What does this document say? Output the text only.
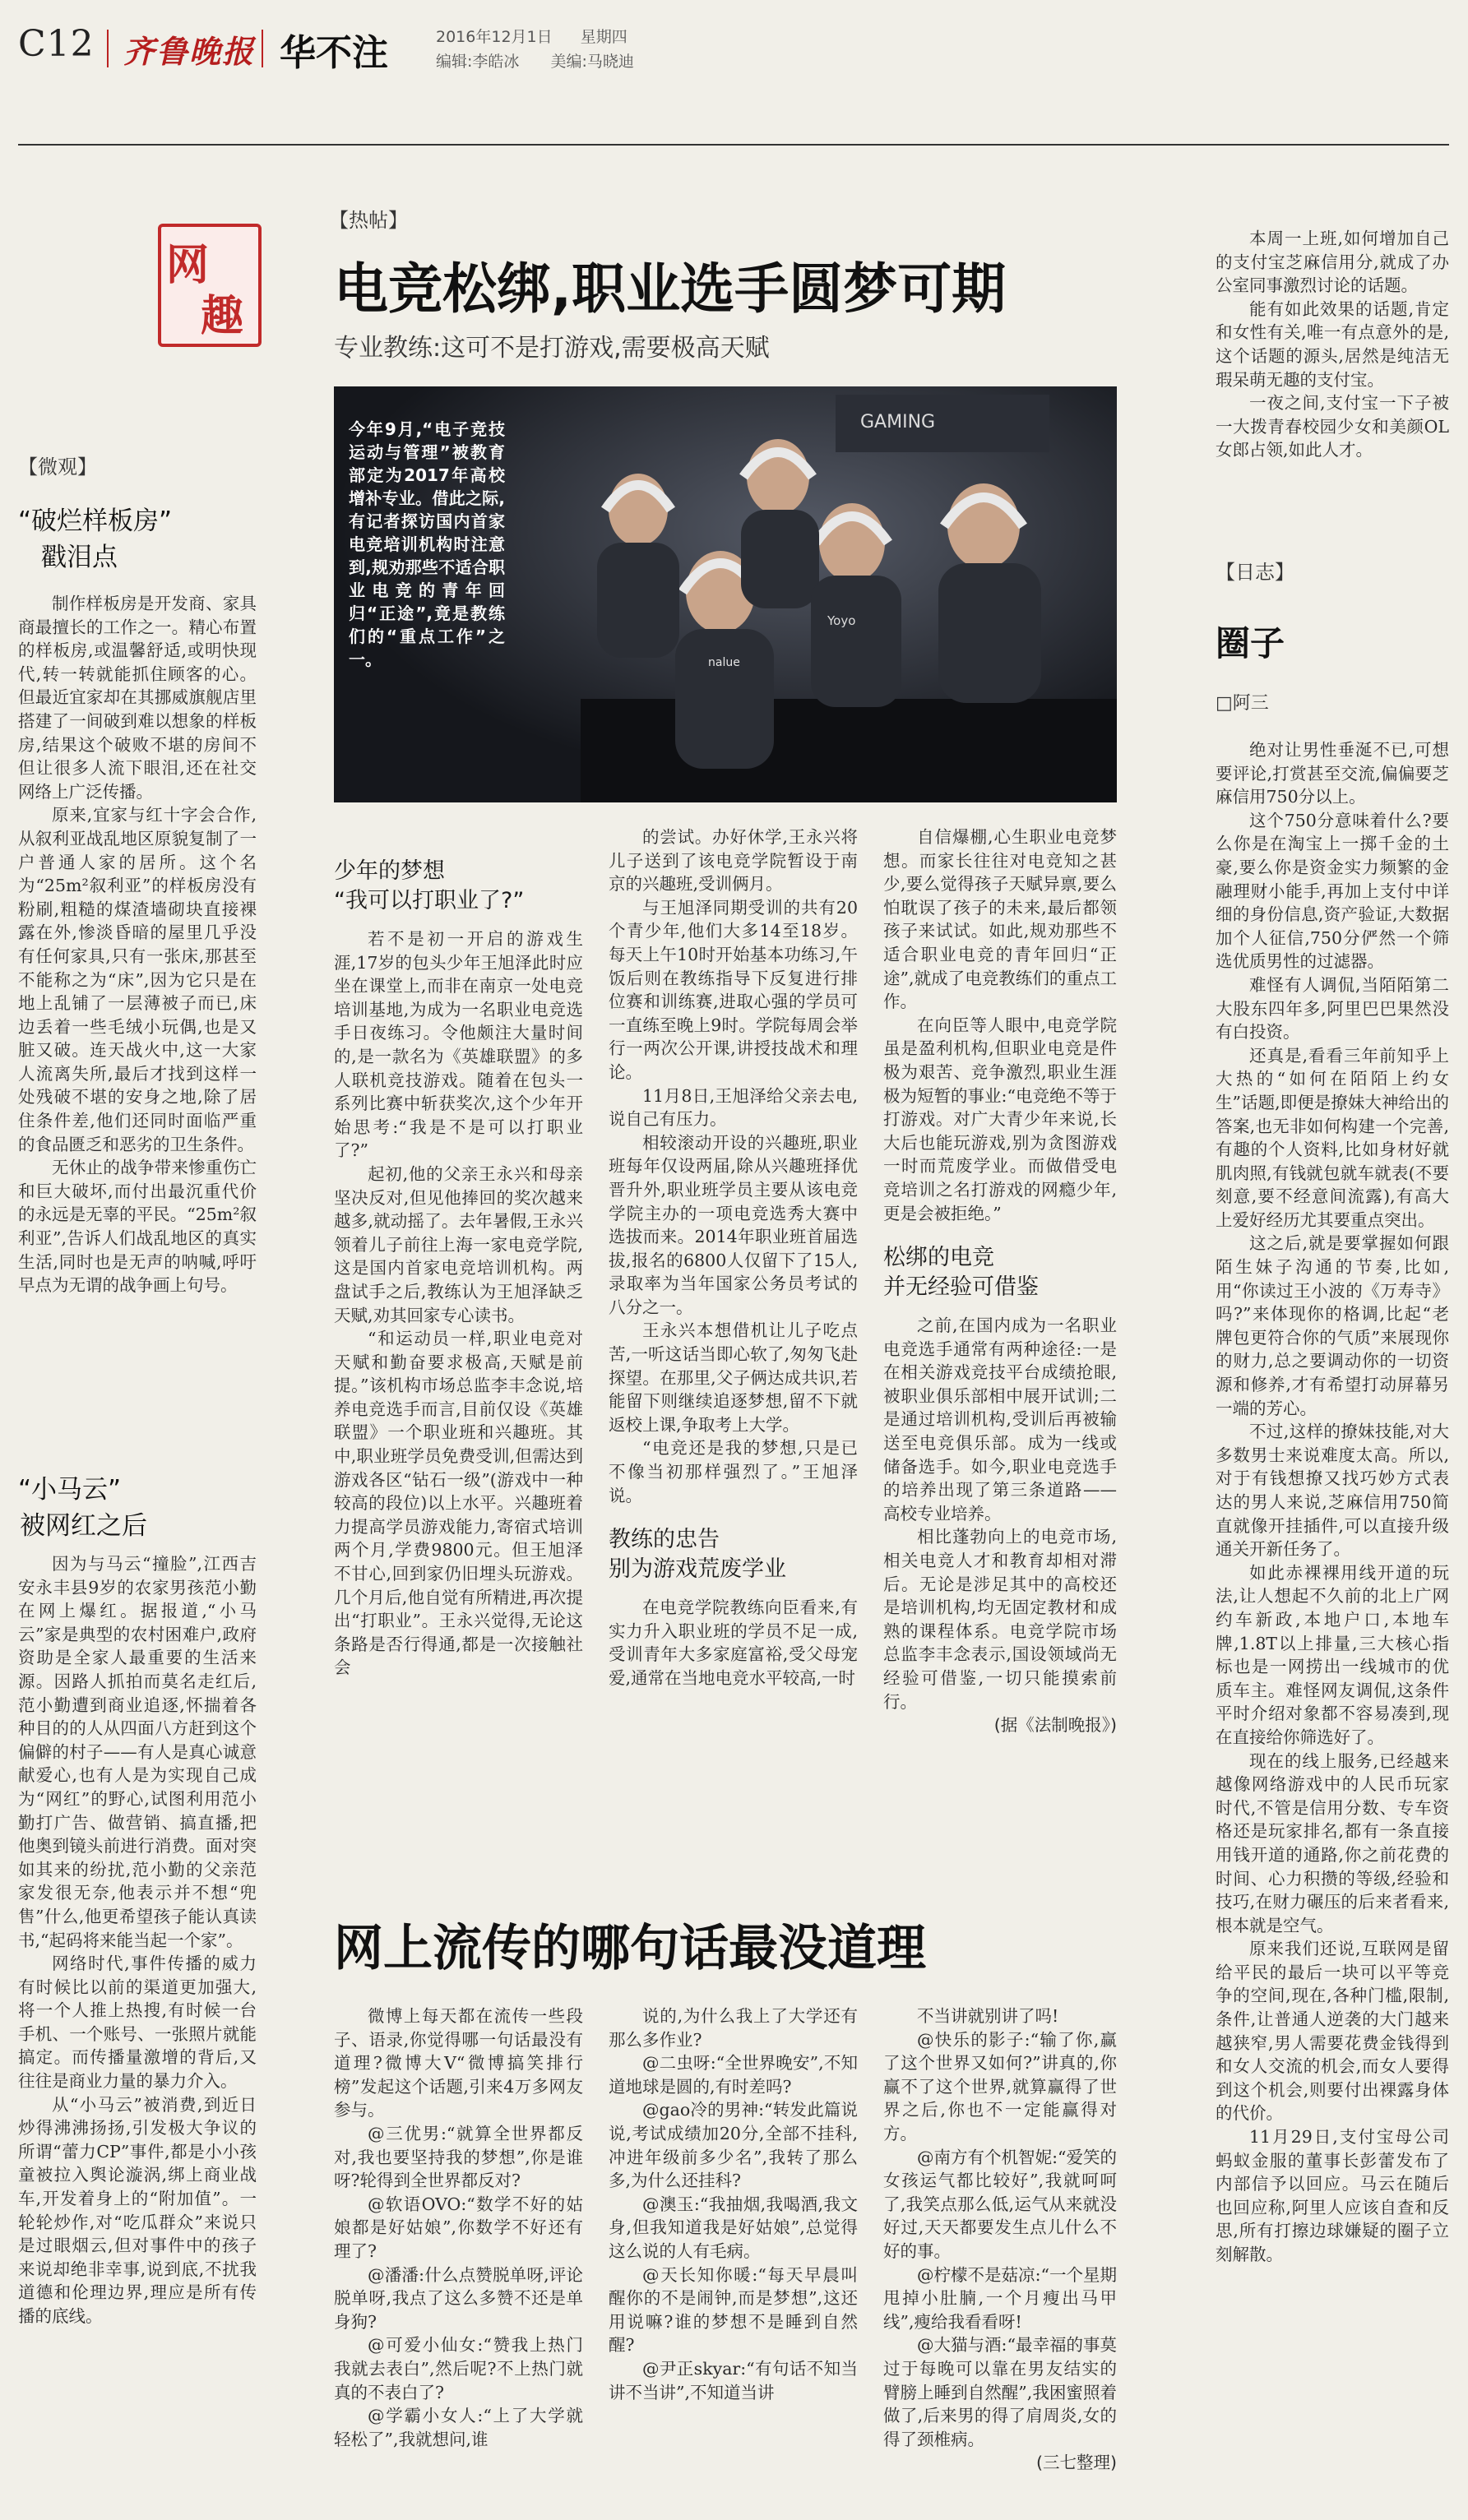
C12 齐鲁晚报 华不注	2016年12月1日 星期四
编辑:李皓冰 美编:马晓迪
网
趣
【热帖】
电竞松绑,职业选手圆梦可期
专业教练:这可不是打游戏,需要极高天赋
GAMING
Yoyo
nalue
今年9月,“电子竞技运动与管理”被教育部定为2017年高校增补专业。借此之际,有记者探访国内首家电竞培训机构时注意到,规劝那些不适合职业电竞的青年回归“正途”,竟是教练们的“重点工作”之一。
少年的梦想
“我可以打职业了?”

若不是初一开启的游戏生涯,17岁的包头少年王旭泽此时应坐在课堂上,而非在南京一处电竞培训基地,为成为一名职业电竞选手日夜练习。令他颇注大量时间的,是一款名为《英雄联盟》的多人联机竞技游戏。随着在包头一系列比赛中斩获奖次,这个少年开始思考:“我是不是可以打职业了?”

起初,他的父亲王永兴和母亲坚决反对,但见他捧回的奖次越来越多,就动摇了。去年暑假,王永兴领着儿子前往上海一家电竞学院,这是国内首家电竞培训机构。两盘试手之后,教练认为王旭泽缺乏天赋,劝其回家专心读书。

“和运动员一样,职业电竞对天赋和勤奋要求极高,天赋是前提。”该机构市场总监李丰念说,培养电竞选手而言,目前仅设《英雄联盟》一个职业班和兴趣班。其中,职业班学员免费受训,但需达到游戏各区“钻石一级”(游戏中一种较高的段位)以上水平。兴趣班着力提高学员游戏能力,寄宿式培训两个月,学费9800元。但王旭泽不甘心,回到家仍旧埋头玩游戏。几个月后,他自觉有所精进,再次提出“打职业”。王永兴觉得,无论这条路是否行得通,都是一次接触社会

的尝试。办好休学,王永兴将儿子送到了该电竞学院暂设于南京的兴趣班,受训俩月。

与王旭泽同期受训的共有20个青少年,他们大多14至18岁。每天上午10时开始基本功练习,午饭后则在教练指导下反复进行排位赛和训练赛,进取心强的学员可一直练至晚上9时。学院每周会举行一两次公开课,讲授技战术和理论。

11月8日,王旭泽给父亲去电,说自己有压力。

相较滚动开设的兴趣班,职业班每年仅设两届,除从兴趣班择优晋升外,职业班学员主要从该电竞学院主办的一项电竞选秀大赛中选拔而来。2014年职业班首届选拔,报名的6800人仅留下了15人,录取率为当年国家公务员考试的八分之一。

王永兴本想借机让儿子吃点苦,一听这话当即心软了,匆匆飞赴探望。在那里,父子俩达成共识,若能留下则继续追逐梦想,留不下就返校上课,争取考上大学。

“电竞还是我的梦想,只是已不像当初那样强烈了。”王旭泽说。

教练的忠告
别为游戏荒废学业

在电竞学院教练向臣看来,有实力升入职业班的学员不足一成,受训青年大多家庭富裕,受父母宠爱,通常在当地电竞水平较高,一时

自信爆棚,心生职业电竞梦想。而家长往往对电竞知之甚少,要么觉得孩子天赋异禀,要么怕耽误了孩子的未来,最后都领孩子来试试。如此,规劝那些不适合职业电竞的青年回归“正途”,就成了电竞教练们的重点工作。

在向臣等人眼中,电竞学院虽是盈利机构,但职业电竞是件极为艰苦、竞争激烈,职业生涯极为短暂的事业:“电竞绝不等于打游戏。对广大青少年来说,长大后也能玩游戏,别为贪图游戏一时而荒废学业。而做借受电竞培训之名打游戏的网瘾少年,更是会被拒绝。”

松绑的电竞
并无经验可借鉴

之前,在国内成为一名职业电竞选手通常有两种途径:一是在相关游戏竞技平台成绩抢眼,被职业俱乐部相中展开试训;二是通过培训机构,受训后再被输送至电竞俱乐部。成为一线或储备选手。如今,职业电竞选手的培养出现了第三条道路——高校专业培养。

相比蓬勃向上的电竞市场,相关电竞人才和教育却相对滞后。无论是涉足其中的高校还是培训机构,均无固定教材和成熟的课程体系。电竞学院市场总监李丰念表示,国设领域尚无经验可借鉴,一切只能摸索前行。

(据《法制晚报》)

【微观】
“破烂样板房”
戳泪点

制作样板房是开发商、家具商最擅长的工作之一。精心布置的样板房,或温馨舒适,或明快现代,转一转就能抓住顾客的心。但最近宜家却在其挪威旗舰店里搭建了一间破到难以想象的样板房,结果这个破败不堪的房间不但让很多人流下眼泪,还在社交网络上广泛传播。

原来,宜家与红十字会合作,从叙利亚战乱地区原貌复制了一户普通人家的居所。这个名为“25m²叙利亚”的样板房没有粉刷,粗糙的煤渣墙砌块直接裸露在外,惨淡昏暗的屋里几乎没有任何家具,只有一张床,那甚至不能称之为“床”,因为它只是在地上乱铺了一层薄被子而已,床边丢着一些毛绒小玩偶,也是又脏又破。连天战火中,这一大家人流离失所,最后才找到这样一处残破不堪的安身之地,除了居住条件差,他们还同时面临严重的食品匮乏和恶劣的卫生条件。

无休止的战争带来惨重伤亡和巨大破坏,而付出最沉重代价的永远是无辜的平民。“25m²叙利亚”,告诉人们战乱地区的真实生活,同时也是无声的呐喊,呼吁早点为无谓的战争画上句号。

“小马云”
被网红之后

因为与马云“撞脸”,江西吉安永丰县9岁的农家男孩范小勤在网上爆红。据报道,“小马云”家是典型的农村困难户,政府资助是全家人最重要的生活来源。因路人抓拍而莫名走红后,范小勤遭到商业追逐,怀揣着各种目的的人从四面八方赶到这个偏僻的村子——有人是真心诚意献爱心,也有人是为实现自己成为“网红”的野心,试图利用范小勤打广告、做营销、搞直播,把他奥到镜头前进行消费。面对突如其来的纷扰,范小勤的父亲范家发很无奈,他表示并不想“兜售”什么,他更希望孩子能认真读书,“起码将来能当起一个家”。

网络时代,事件传播的威力有时候比以前的渠道更加强大,将一个人推上热搜,有时候一台手机、一个账号、一张照片就能搞定。而传播量激增的背后,又往往是商业力量的暴力介入。

从“小马云”被消费,到近日炒得沸沸扬扬,引发极大争议的所谓“蕾力CP”事件,都是小小孩童被拉入舆论漩涡,绑上商业战车,开发着身上的“附加值”。一轮轮炒作,对“吃瓜群众”来说只是过眼烟云,但对事件中的孩子来说却绝非幸事,说到底,不扰我道德和伦理边界,理应是所有传播的底线。

本周一上班,如何增加自己的支付宝芝麻信用分,就成了办公室同事激烈讨论的话题。

能有如此效果的话题,肯定和女性有关,唯一有点意外的是,这个话题的源头,居然是纯洁无瑕呆萌无趣的支付宝。

一夜之间,支付宝一下子被一大拨青春校园少女和美颜OL女郎占领,如此人才。

【日志】
圈子
□阿三

绝对让男性垂涎不已,可想要评论,打赏甚至交流,偏偏要芝麻信用750分以上。

这个750分意味着什么?要么你是在淘宝上一掷千金的土豪,要么你是资金实力频繁的金融理财小能手,再加上支付中详细的身份信息,资产验证,大数据加个人征信,750分俨然一个筛选优质男性的过滤器。

难怪有人调侃,当陌陌第二大股东四年多,阿里巴巴果然没有白投资。

还真是,看看三年前知乎上大热的“如何在陌陌上约女生”话题,即便是撩妹大神给出的答案,也无非如何构建一个完善,有趣的个人资料,比如身材好就肌肉照,有钱就包就车就表(不要刻意,要不经意间流露),有高大上爱好经历尤其要重点突出。

这之后,就是要掌握如何跟陌生妹子沟通的节奏,比如,用“你读过王小波的《万寿寺》吗?”来体现你的格调,比起“老牌包更符合你的气质”来展现你的财力,总之要调动你的一切资源和修养,才有希望打动屏幕另一端的芳心。

不过,这样的撩妹技能,对大多数男士来说难度太高。所以,对于有钱想撩又找巧妙方式表达的男人来说,芝麻信用750简直就像开挂插件,可以直接升级通关开新任务了。

如此赤裸裸用线开道的玩法,让人想起不久前的北上广网约车新政,本地户口,本地车牌,1.8T以上排量,三大核心指标也是一网捞出一线城市的优质车主。难怪网友调侃,这条件平时介绍对象都不容易凑到,现在直接给你筛选好了。

现在的线上服务,已经越来越像网络游戏中的人民币玩家时代,不管是信用分数、专车资格还是玩家排名,都有一条直接用钱开道的通路,你之前花费的时间、心力积攒的等级,经验和技巧,在财力碾压的后来者看来,根本就是空气。

原来我们还说,互联网是留给平民的最后一块可以平等竞争的空间,现在,各种门槛,限制,条件,让普通人逆袭的大门越来越狭窄,男人需要花费金钱得到和女人交流的机会,而女人要得到这个机会,则要付出裸露身体的代价。

11月29日,支付宝母公司蚂蚁金服的董事长彭蕾发布了内部信予以回应。马云在随后也回应称,阿里人应该自查和反思,所有打擦边球嫌疑的圈子立刻解散。

网上流传的哪句话最没道理

微博上每天都在流传一些段子、语录,你觉得哪一句话最没有道理?微博大V“微博搞笑排行榜”发起这个话题,引来4万多网友参与。

@三优男:“就算全世界都反对,我也要坚持我的梦想”,你是谁呀?轮得到全世界都反对?

@软语OVO:“数学不好的姑娘都是好姑娘”,你数学不好还有理了?

@潘潘:什么点赞脱单呀,评论脱单呀,我点了这么多赞不还是单身狗?

@可爱小仙女:“赞我上热门我就去表白”,然后呢?不上热门就真的不表白了?

@学霸小女人:“上了大学就轻松了”,我就想问,谁

说的,为什么我上了大学还有那么多作业?

@二虫呀:“全世界晚安”,不知道地球是圆的,有时差吗?

@gao冷的男神:“转发此篇说说,考试成绩加20分,全部不挂科,冲进年级前多少名”,我转了那么多,为什么还挂科?

@澳玉:“我抽烟,我喝酒,我文身,但我知道我是好姑娘”,总觉得这么说的人有毛病。

@天长知你暖:“每天早晨叫醒你的不是闹钟,而是梦想”,这还用说嘛?谁的梦想不是睡到自然醒?

@尹正skyar:“有句话不知当讲不当讲”,不知道当讲

不当讲就别讲了吗!

@快乐的影子:“输了你,赢了这个世界又如何?”讲真的,你赢不了这个世界,就算赢得了世界之后,你也不一定能赢得对方。

@南方有个机智妮:“爱笑的女孩运气都比较好”,我就呵呵了,我笑点那么低,运气从来就没好过,天天都要发生点儿什么不好的事。

@柠檬不是菇凉:“一个星期甩掉小肚腩,一个月瘦出马甲线”,瘦给我看看呀!

@大猫与酒:“最幸福的事莫过于每晚可以靠在男友结实的臂膀上睡到自然醒”,我困蜜照着做了,后来男的得了肩周炎,女的得了颈椎病。

(三七整理)
